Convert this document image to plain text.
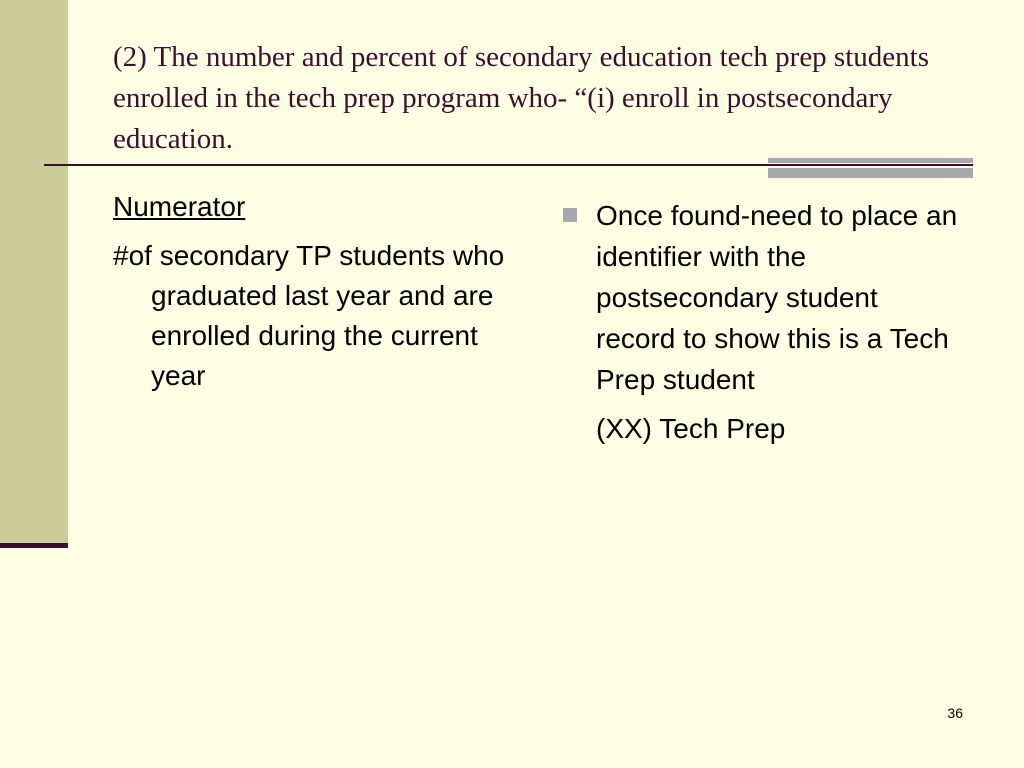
(2) The number and percent of secondary education tech prep students enrolled in the tech prep program who- “(i) enroll in postsecondary education.

Numerator

#of secondary TP students who graduated last year and are enrolled during the current year

Once found-need to place an identifier with the postsecondary student record to show this is a Tech Prep student

(XX) Tech Prep

36
